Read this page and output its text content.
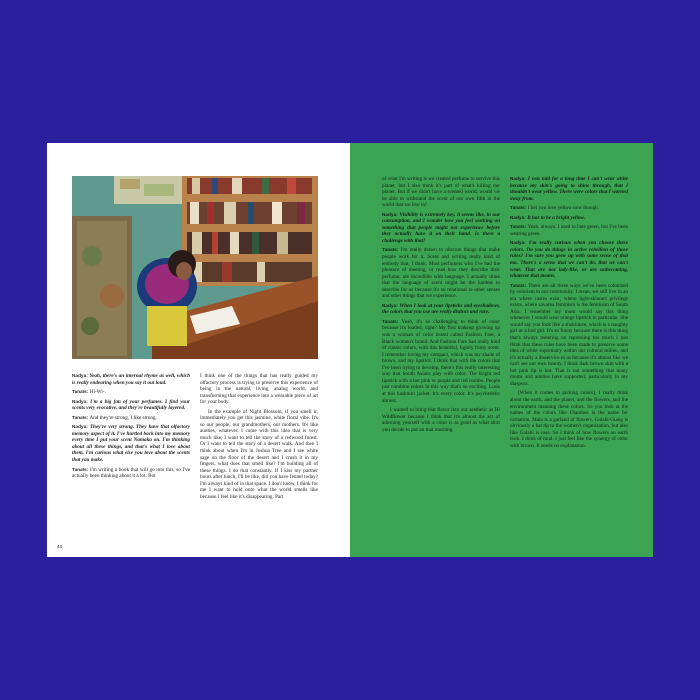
Nadya: Yeah, there's an internal rhyme as well, which is really endearing when you say it out loud.

Tanaïs: Hi-Wi-.

Nadya: I'm a big fan of your perfumes. I find your scents very evocative, and they're beautifully layered.

Tanaïs: And they're strong, I like strong.

Nadya: They're very strong. They have that olfactory memory aspect of it. I've hurtled back into my memory every time I put your scent Namaka on. I'm thinking about all these things, and that's what I love about them. I'm curious what else you love about the scents that you make.

Tanaïs: I'm writing a book that will go into this, so I've actually been thinking about it a lot. But

I think one of the things that has really guided my olfactory process is trying to preserve this experience of being in the natural, living, analog world, and transforming that experience into a wearable piece of art for your body.

In the example of Night Blossom, if you smell it, immediately you get this jasmine, white floral vibe. It's so our people, our grandmothers, our mothers. It's like aunties, whatever. I come with this idea that is very much like, I want to tell the story of a redwood forest. Or I want to tell the story of a desert walk. And then I think about when I'm in Joshua Tree and I see white sage on the floor of the desert and I crush it in my fingers, what does that smell like? I'm building all of these things. I do that constantly. If I kiss my partner hours after lunch, I'll be like, did you have fennel today? I'm always kind of in that space. I don't know, I think for me I want to hold onto what the world smells like because I feel like it's disappearing. Part

44

of what I'm writing is we created perfume to survive this planet, but I also think it's part of what's killing our planet. But if we didn't have a scented world, would we be able to withstand the scent of our own filth in the world that we live in?

Nadya: Visibility is extremely key, it seems like, in our consumption, and I wonder how you feel working on something that people might not experience before they actually have it on their hand. Is there a challenge with that?

Tanaïs: I'm really drawn to obscure things that make people work for it. Scent and writing really kind of embody that, I think. Most perfumers who I've had the pleasure of meeting, or read how they describe their perfume, are incredible with language. I actually think that the language of scent might be the hardest to describe for us because it's so relational to other senses and other things that we experience.

Nadya: When I look at your lipsticks and eyeshadows, the colors that you use are really distinct and rare.

Tanaïs: Yeah, it's so challenging to think of color because it's loaded, right? My first makeup growing up was a woman of color brand called Fashion Fare, a Black women's brand. And Fashion Fare had really kind of classic colors, with this beautiful, lightly fruity scent. I remember loving my compact, which was my shade of brown, and my lipstick. I think that with the colors that I've been trying to develop, there's this really interesting way that South Asians play with color. The bright red lipstick with a hot pink or purple and red combo. People just combine colors in this way that's so exciting. Look at this kashmiri jacket. It's every color. It's psychedelic almost.

I wanted to bring that flavor into our aesthetic as Hi Wildflower because I think that it's almost the act of adorning yourself with a color is as good as what shirt you decide to put on that morning.

Nadya: I was told for a long time I can't wear white because my skin's going to shine through, that I shouldn't wear yellow. There were colors that I warned away from.

Tanaïs: I bet you love yellow now though.

Nadya: It has to be a bright yellow.

Tanaïs: Yeah, always. I used to hate green, but I've been wearing green.

Nadya: I'm really curious when you choose these colors. Do you do things in active rebellion of those rules? I'm sure you grew up with some sense of that too. There's a sense that we can't do, that we can't wear. That are not lady-like, or are unbecoming, whatever that means.

Tanaïs: There are all these ways we've been colonized by colorism in our community. I mean, we still live in an era where castes exist, where light-skinned privilege exists, where savarna feminism is the feminism of South Asia. I remember my mom would say this thing whenever I would wear orange lipstick in particular. She would say you look like a shokhinee, which is a naughty girl or a bad girl. It's so funny because there is this thing that's always teetering on repressing too much I just think that these rules have been made to preserve some idea of white supremacy within our cultural milieu, and it's actually a disservice to us because it's almost like we can't see our own beauty. I think dark brown skin with a hot pink lip is hot. That is not something that many moms and aunties have supported, particularly in my diaspora.

[When it comes to picking colors], I really think about the earth, and the planet, and the flowers, and the environment meaning these colors. So you look at the names of the colors like Dianthus is the name for carnation. Mala is a garland of flowers. Gulabi Giang is obviously a hat tip to the women's organization, but also like Gulabi is rose. So I think of how flowers on earth look. I think of mud. I just feel like the synergy of color with brown. It needs no explanation.
